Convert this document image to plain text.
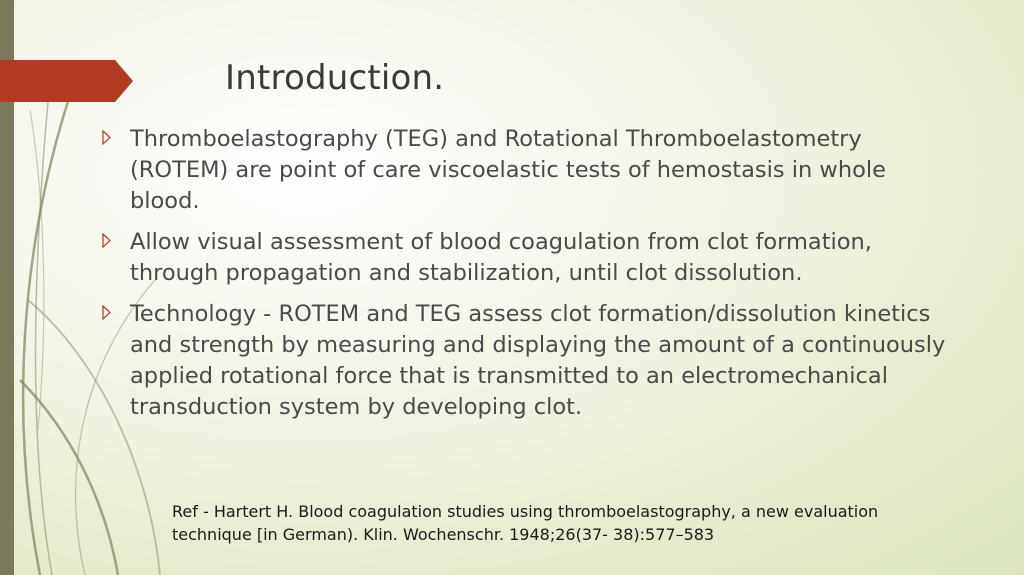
Introduction.
Thromboelastography (TEG) and Rotational Thromboelastometry (ROTEM) are point of care viscoelastic tests of hemostasis in whole blood.
Allow visual assessment of blood coagulation from clot formation, through propagation and stabilization, until clot dissolution.
Technology - ROTEM and TEG assess clot formation/dissolution kinetics and strength by measuring and displaying the amount of a continuously applied rotational force that is transmitted to an electromechanical transduction system by developing clot.

Ref - Hartert H. Blood coagulation studies using thromboelastography, a new evaluation technique [in German). Klin. Wochenschr. 1948;26(37- 38):577–583
